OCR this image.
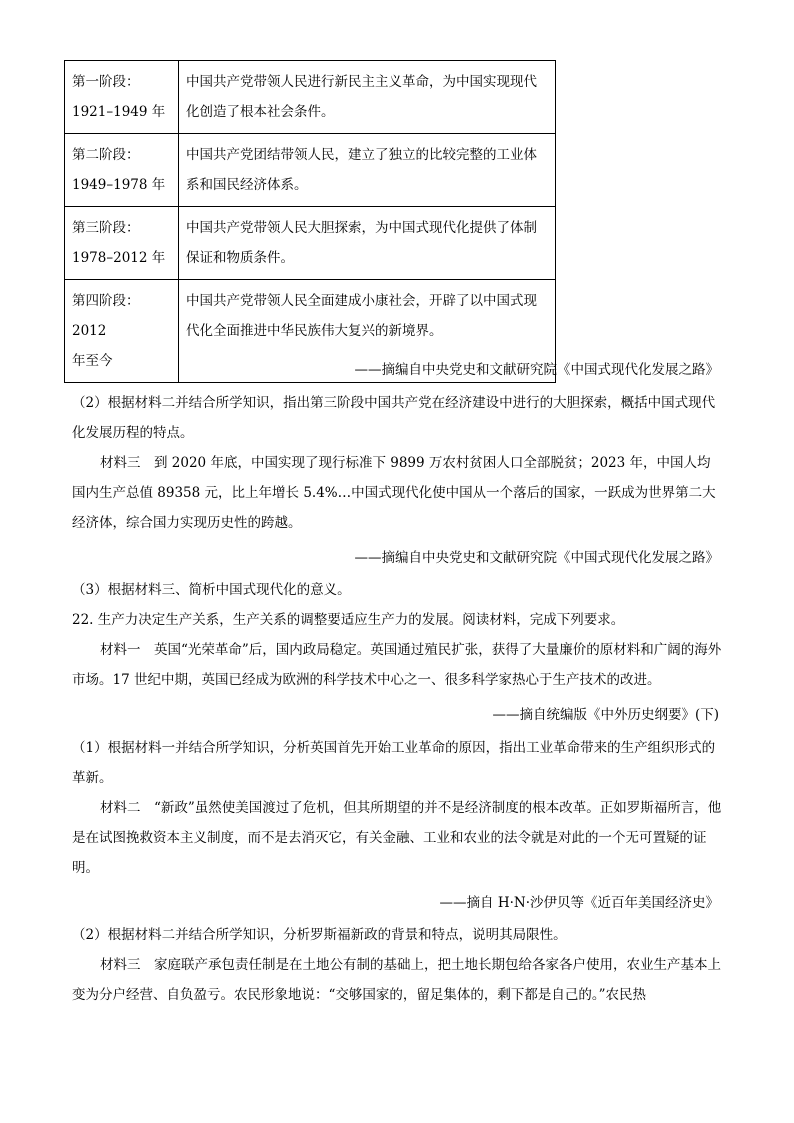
第一阶段：
1921–1949 年	中国共产党带领人民进行新民主主义革命，为中国实现现代化创造了根本社会条件。
第二阶段：
1949–1978 年	中国共产党团结带领人民，建立了独立的比较完整的工业体系和国民经济体系。
第三阶段：
1978–2012 年	中国共产党带领人民大胆探索，为中国式现代化提供了体制保证和物质条件。
第四阶段：2012
年至今	中国共产党带领人民全面建成小康社会，开辟了以中国式现代化全面推进中华民族伟大复兴的新境界。
——摘编自中央党史和文献研究院《中国式现代化发展之路》
（2）根据材料二并结合所学知识，指出第三阶段中国共产党在经济建设中进行的大胆探索，概括中国式现代化发展历程的特点。
材料三　到 2020 年底，中国实现了现行标准下 9899 万农村贫困人口全部脱贫；2023 年，中国人均国内生产总值 89358 元，比上年增长 5.4%…中国式现代化使中国从一个落后的国家，一跃成为世界第二大经济体，综合国力实现历史性的跨越。
——摘编自中央党史和文献研究院《中国式现代化发展之路》
（3）根据材料三、简析中国式现代化的意义。
22. 生产力决定生产关系，生产关系的调整要适应生产力的发展。阅读材料，完成下列要求。
材料一　英国“光荣革命”后，国内政局稳定。英国通过殖民扩张，获得了大量廉价的原材料和广阔的海外市场。17 世纪中期，英国已经成为欧洲的科学技术中心之一、很多科学家热心于生产技术的改进。
——摘自统编版《中外历史纲要》(下)
（1）根据材料一并结合所学知识，分析英国首先开始工业革命的原因，指出工业革命带来的生产组织形式的革新。
材料二　“新政”虽然使美国渡过了危机，但其所期望的并不是经济制度的根本改革。正如罗斯福所言，他是在试图挽救资本主义制度，而不是去消灭它，有关金融、工业和农业的法令就是对此的一个无可置疑的证明。
——摘自 H·N·沙伊贝等《近百年美国经济史》
（2）根据材料二并结合所学知识，分析罗斯福新政的背景和特点，说明其局限性。
材料三　家庭联产承包责任制是在土地公有制的基础上，把土地长期包给各家各户使用，农业生产基本上变为分户经营、自负盈亏。农民形象地说：“交够国家的，留足集体的，剩下都是自己的。”农民热
